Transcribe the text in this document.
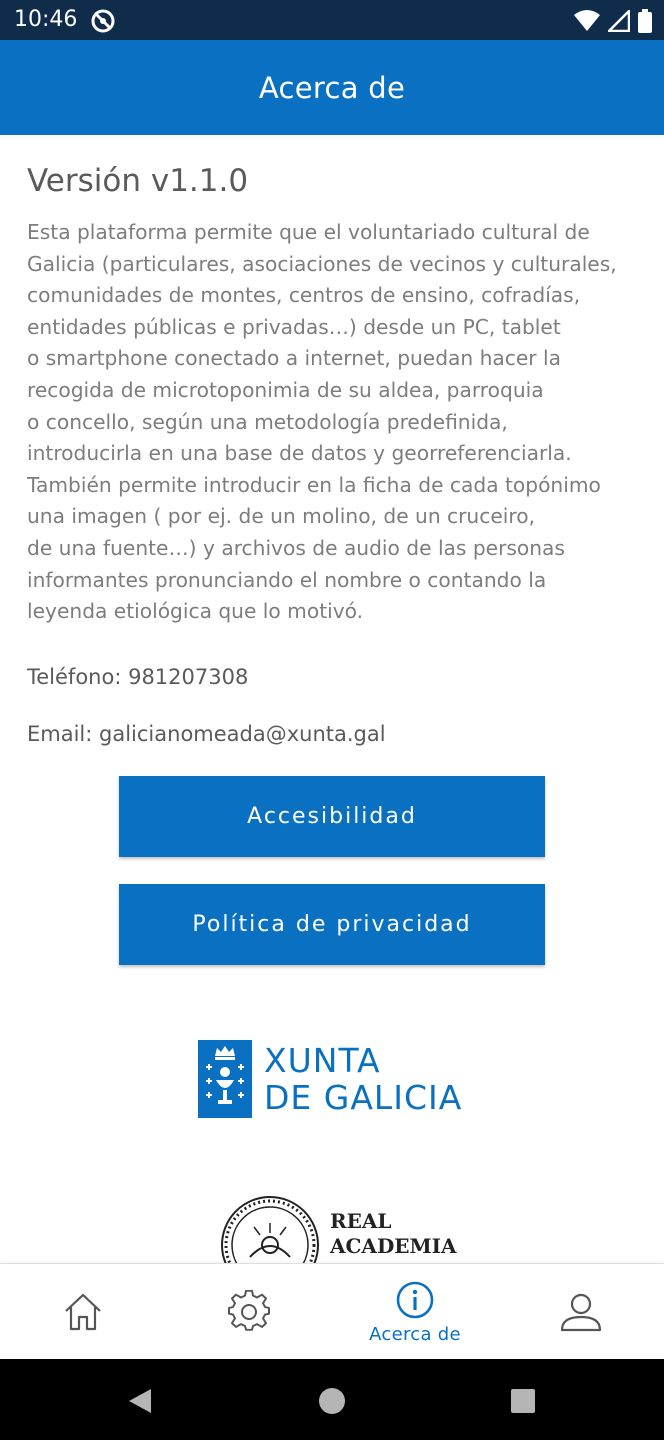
10:46
Acerca de
Versión v1.1.0
Esta plataforma permite que el voluntariado cultural de
Galicia (particulares, asociaciones de vecinos y culturales,
comunidades de montes, centros de ensino, cofradías,
entidades públicas e privadas…) desde un PC, tablet
o smartphone conectado a internet, puedan hacer la
recogida de microtoponimia de su aldea, parroquia
o concello, según una metodología predefinida,
introducirla en una base de datos y georreferenciarla.
También permite introducir en la ficha de cada topónimo
una imagen ( por ej. de un molino, de un cruceiro,
de una fuente…) y archivos de audio de las personas
informantes pronunciando el nombre o contando la
leyenda etiológica que lo motivó.
Teléfono: 981207308
Email: galicianomeada@xunta.gal
Accesibilidad
Política de privacidad
XUNTA
DE GALICIA
REAL
ACADEMIA
Acerca de
